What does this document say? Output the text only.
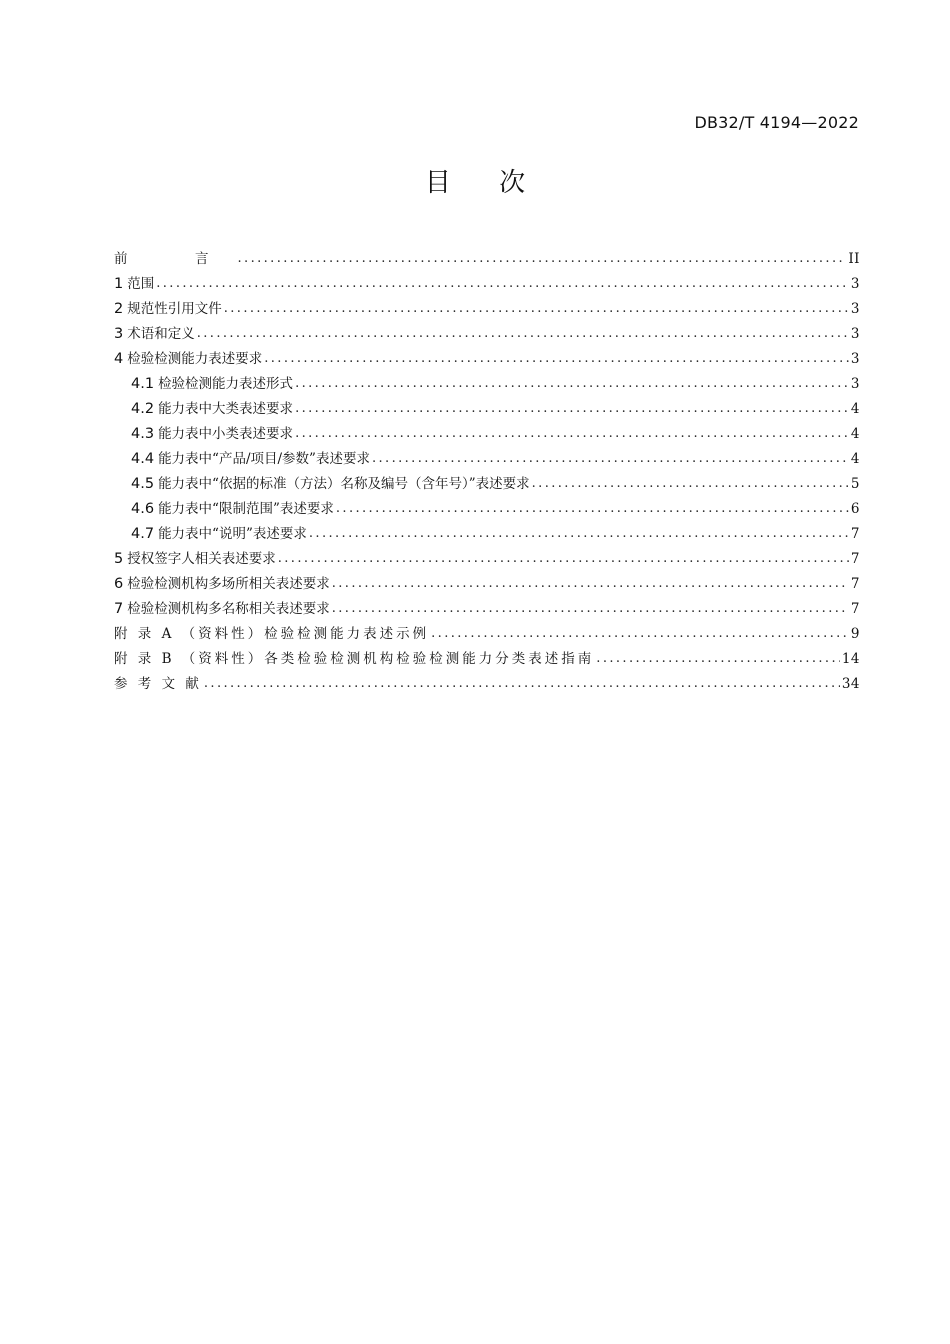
DB32/T 4194—2022
目 次
前　言 .....	II
1 范围 .....	3
2 规范性引用文件 .....	3
3 术语和定义 .....	3
4 检验检测能力表述要求 .....	3
4.1 检验检测能力表述形式 .....	3
4.2 能力表中大类表述要求 .....	4
4.3 能力表中小类表述要求 .....	4
4.4 能力表中“产品/项目/参数”表述要求 .....	4
4.5 能力表中“依据的标准（方法）名称及编号（含年号）”表述要求 .....	5
4.6 能力表中“限制范围”表述要求 .....	6
4.7 能力表中“说明”表述要求 .....	7
5 授权签字人相关表述要求 .....	7
6 检验检测机构多场所相关表述要求 .....	7
7 检验检测机构多名称相关表述要求 .....	7
附 录 A （资料性）检验检测能力表述示例 .....	9
附 录 B （资料性）各类检验检测机构检验检测能力分类表述指南 .....	14
参 考 文 献 .....	34
